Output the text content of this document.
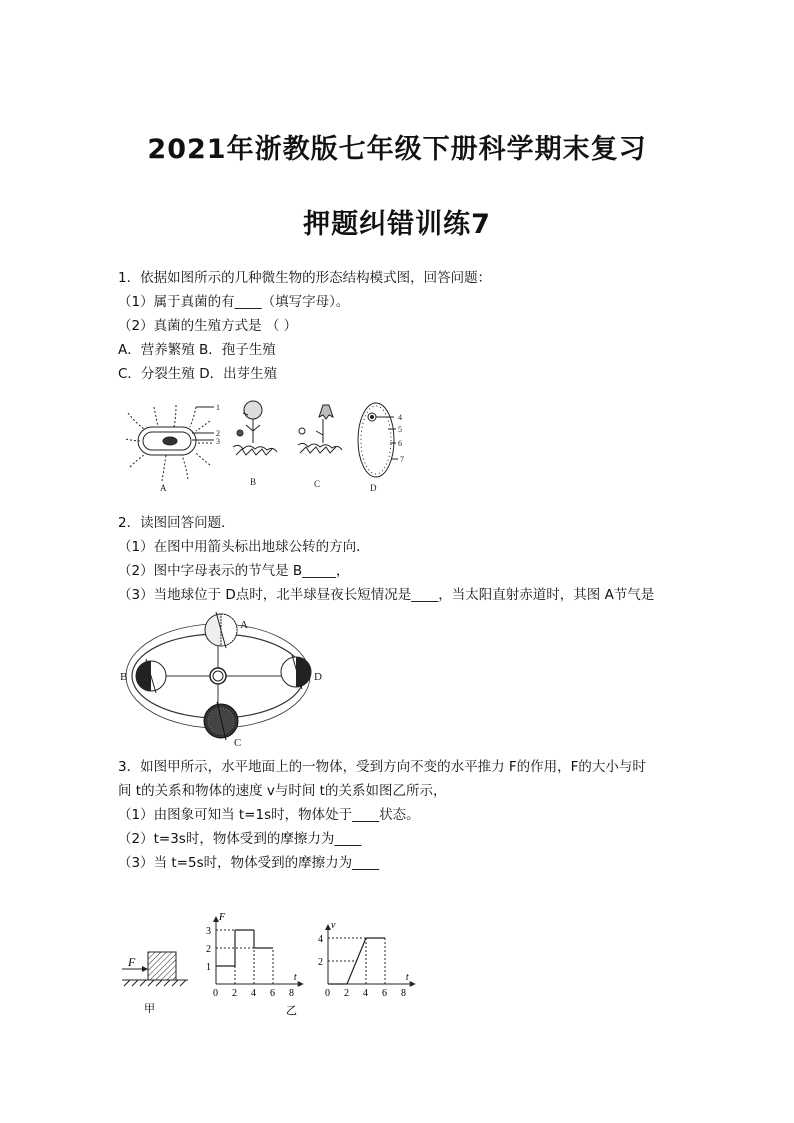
2021年浙教版七年级下册科学期末复习
押题纠错训练7
1．依据如图所示的几种微生物的形态结构模式图，回答问题：
（1）属于真菌的有____（填写字母）。
（2）真菌的生殖方式是 （ ）
A．营养繁殖 B．孢子生殖
C．分裂生殖 D．出芽生殖
1
2
3
4
5
6
7
A
B	C	D
2．读图回答问题．
（1）在图中用箭头标出地球公转的方向．
（2）图中字母表示的节气是 B_____，
（3）当地球位于 D点时，北半球昼夜长短情况是____，当太阳直射赤道时，其图 A节气是
A
B
C
D
3．如图甲所示，水平地面上的一物体，受到方向不变的水平推力 F的作用，F的大小与时
间 t的关系和物体的速度 v与时间 t的关系如图乙所示，
（1）由图象可知当 t=1s时，物体处于____状态。
（2）t=3s时，物体受到的摩擦力为____
（3）当 t=5s时，物体受到的摩擦力为____
F
甲
F
t
0 2 4 6 8
1
2
3
乙
v
t
0 2 4 6 8
2
4
